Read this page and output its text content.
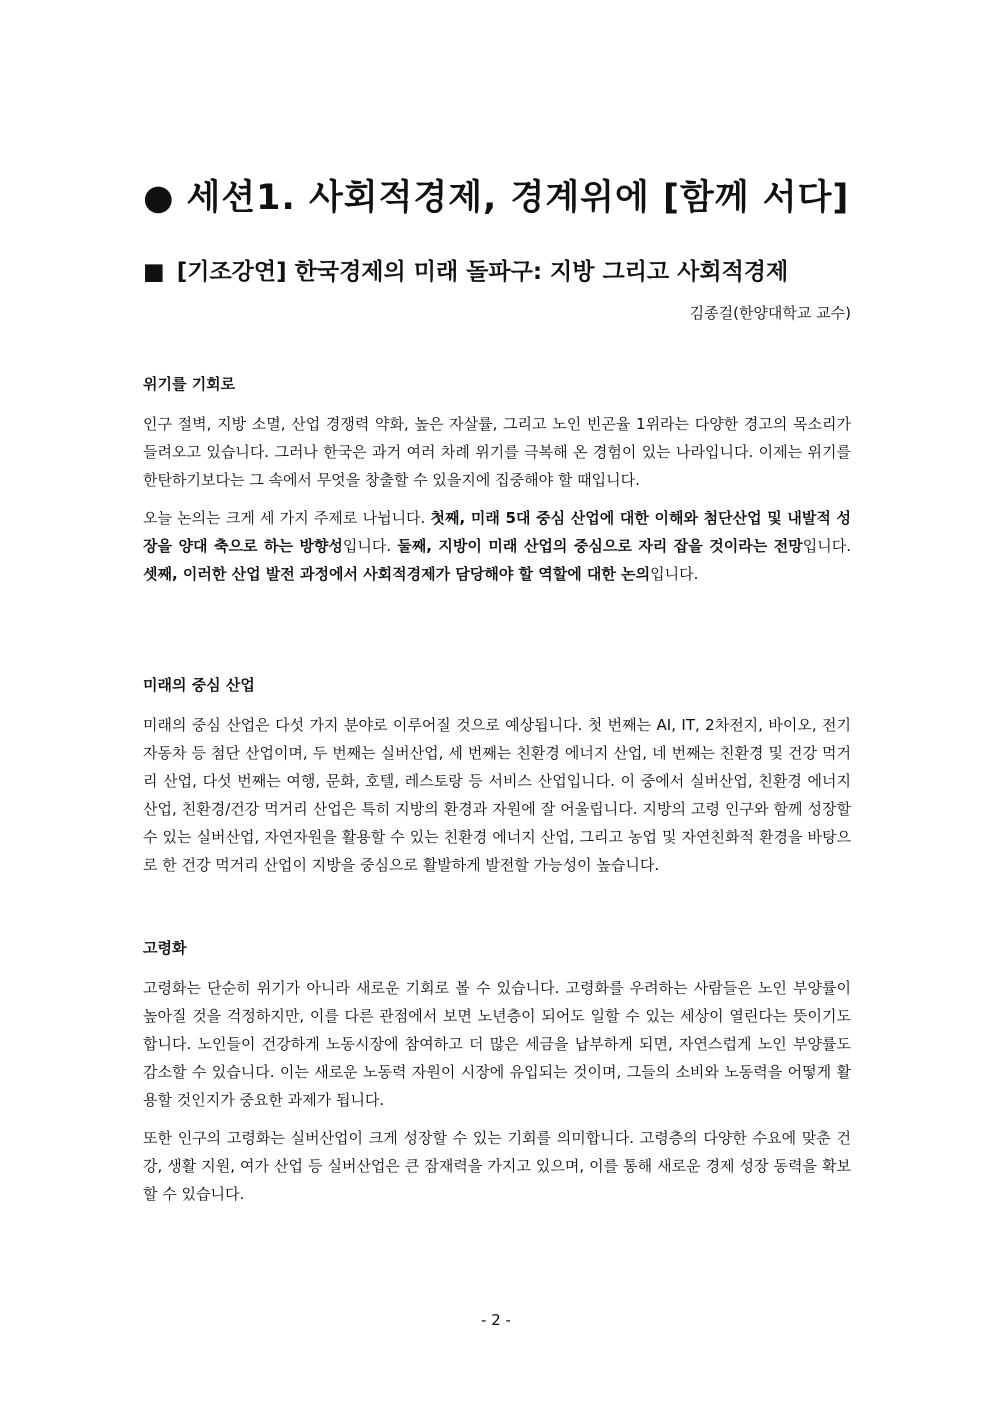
● 세션1. 사회적경제, 경계위에 [함께 서다]
■ [기조강연] 한국경제의 미래 돌파구: 지방 그리고 사회적경제
김종걸(한양대학교 교수)
위기를 기회로

인구 절벽, 지방 소멸, 산업 경쟁력 약화, 높은 자살률, 그리고 노인 빈곤율 1위라는 다양한 경고의 목소리가 들려오고 있습니다. 그러나 한국은 과거 여러 차례 위기를 극복해 온 경험이 있는 나라입니다. 이제는 위기를 한탄하기보다는 그 속에서 무엇을 창출할 수 있을지에 집중해야 할 때입니다.

오늘 논의는 크게 세 가지 주제로 나뉩니다. 첫째, 미래 5대 중심 산업에 대한 이해와 첨단산업 및 내발적 성장을 양대 축으로 하는 방향성입니다. 둘째, 지방이 미래 산업의 중심으로 자리 잡을 것이라는 전망입니다. 셋째, 이러한 산업 발전 과정에서 사회적경제가 담당해야 할 역할에 대한 논의입니다.

미래의 중심 산업

미래의 중심 산업은 다섯 가지 분야로 이루어질 것으로 예상됩니다. 첫 번째는 AI, IT, 2차전지, 바이오, 전기자동차 등 첨단 산업이며, 두 번째는 실버산업, 세 번째는 친환경 에너지 산업, 네 번째는 친환경 및 건강 먹거리 산업, 다섯 번째는 여행, 문화, 호텔, 레스토랑 등 서비스 산업입니다. 이 중에서 실버산업, 친환경 에너지 산업, 친환경/건강 먹거리 산업은 특히 지방의 환경과 자원에 잘 어울립니다. 지방의 고령 인구와 함께 성장할 수 있는 실버산업, 자연자원을 활용할 수 있는 친환경 에너지 산업, 그리고 농업 및 자연친화적 환경을 바탕으로 한 건강 먹거리 산업이 지방을 중심으로 활발하게 발전할 가능성이 높습니다.

고령화

고령화는 단순히 위기가 아니라 새로운 기회로 볼 수 있습니다. 고령화를 우려하는 사람들은 노인 부양률이 높아질 것을 걱정하지만, 이를 다른 관점에서 보면 노년층이 되어도 일할 수 있는 세상이 열린다는 뜻이기도 합니다. 노인들이 건강하게 노동시장에 참여하고 더 많은 세금을 납부하게 되면, 자연스럽게 노인 부양률도 감소할 수 있습니다. 이는 새로운 노동력 자원이 시장에 유입되는 것이며, 그들의 소비와 노동력을 어떻게 활용할 것인지가 중요한 과제가 됩니다.

또한 인구의 고령화는 실버산업이 크게 성장할 수 있는 기회를 의미합니다. 고령층의 다양한 수요에 맞춘 건강, 생활 지원, 여가 산업 등 실버산업은 큰 잠재력을 가지고 있으며, 이를 통해 새로운 경제 성장 동력을 확보할 수 있습니다.

- 2 -
